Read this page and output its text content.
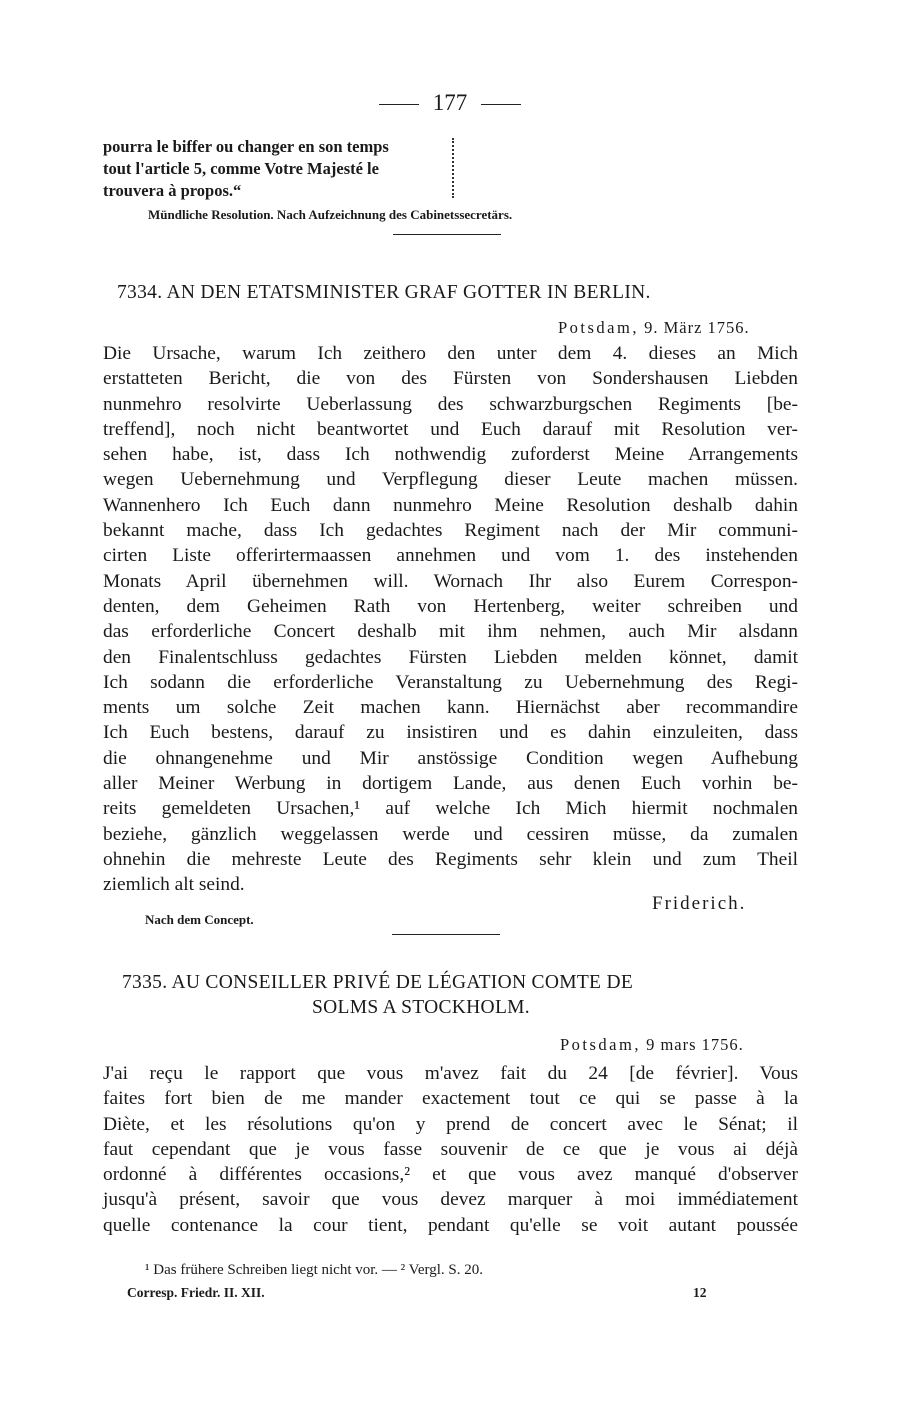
177
pourra le biffer ou changer en son temps
tout l'article 5, comme Votre Majesté le
trouvera à propos.“
Mündliche Resolution. Nach Aufzeichnung des Cabinetssecretärs.
7334. AN DEN ETATSMINISTER GRAF GOTTER IN BERLIN.
Potsdam, 9. März 1756.
Die Ursache, warum Ich zeithero den unter dem 4. dieses an Mich
erstatteten Bericht, die von des Fürsten von Sondershausen Liebden
nunmehro resolvirte Ueberlassung des schwarzburgschen Regiments [be-
treffend], noch nicht beantwortet und Euch darauf mit Resolution ver-
sehen habe, ist, dass Ich nothwendig zuforderst Meine Arrangements
wegen Uebernehmung und Verpflegung dieser Leute machen müssen.
Wannenhero Ich Euch dann nunmehro Meine Resolution deshalb dahin
bekannt mache, dass Ich gedachtes Regiment nach der Mir communi-
cirten Liste offerirtermaassen annehmen und vom 1. des instehenden
Monats April übernehmen will. Wornach Ihr also Eurem Correspon-
denten, dem Geheimen Rath von Hertenberg, weiter schreiben und
das erforderliche Concert deshalb mit ihm nehmen, auch Mir alsdann
den Finalentschluss gedachtes Fürsten Liebden melden könnet, damit
Ich sodann die erforderliche Veranstaltung zu Uebernehmung des Regi-
ments um solche Zeit machen kann. Hiernächst aber recommandire
Ich Euch bestens, darauf zu insistiren und es dahin einzuleiten, dass
die ohnangenehme und Mir anstössige Condition wegen Aufhebung
aller Meiner Werbung in dortigem Lande, aus denen Euch vorhin be-
reits gemeldeten Ursachen,¹ auf welche Ich Mich hiermit nochmalen
beziehe, gänzlich weggelassen werde und cessiren müsse, da zumalen
ohnehin die mehreste Leute des Regiments sehr klein und zum Theil
ziemlich alt seind.
Friderich.
Nach dem Concept.
7335. AU CONSEILLER PRIVÉ DE LÉGATION COMTE DE
SOLMS A STOCKHOLM.
Potsdam, 9 mars 1756.
J'ai reçu le rapport que vous m'avez fait du 24 [de février]. Vous
faites fort bien de me mander exactement tout ce qui se passe à la
Diète, et les résolutions qu'on y prend de concert avec le Sénat; il
faut cependant que je vous fasse souvenir de ce que je vous ai déjà
ordonné à différentes occasions,² et que vous avez manqué d'observer
jusqu'à présent, savoir que vous devez marquer à moi immédiatement
quelle contenance la cour tient, pendant qu'elle se voit autant poussée
¹ Das frühere Schreiben liegt nicht vor. — ² Vergl. S. 20.
Corresp. Friedr. II. XII.	12
